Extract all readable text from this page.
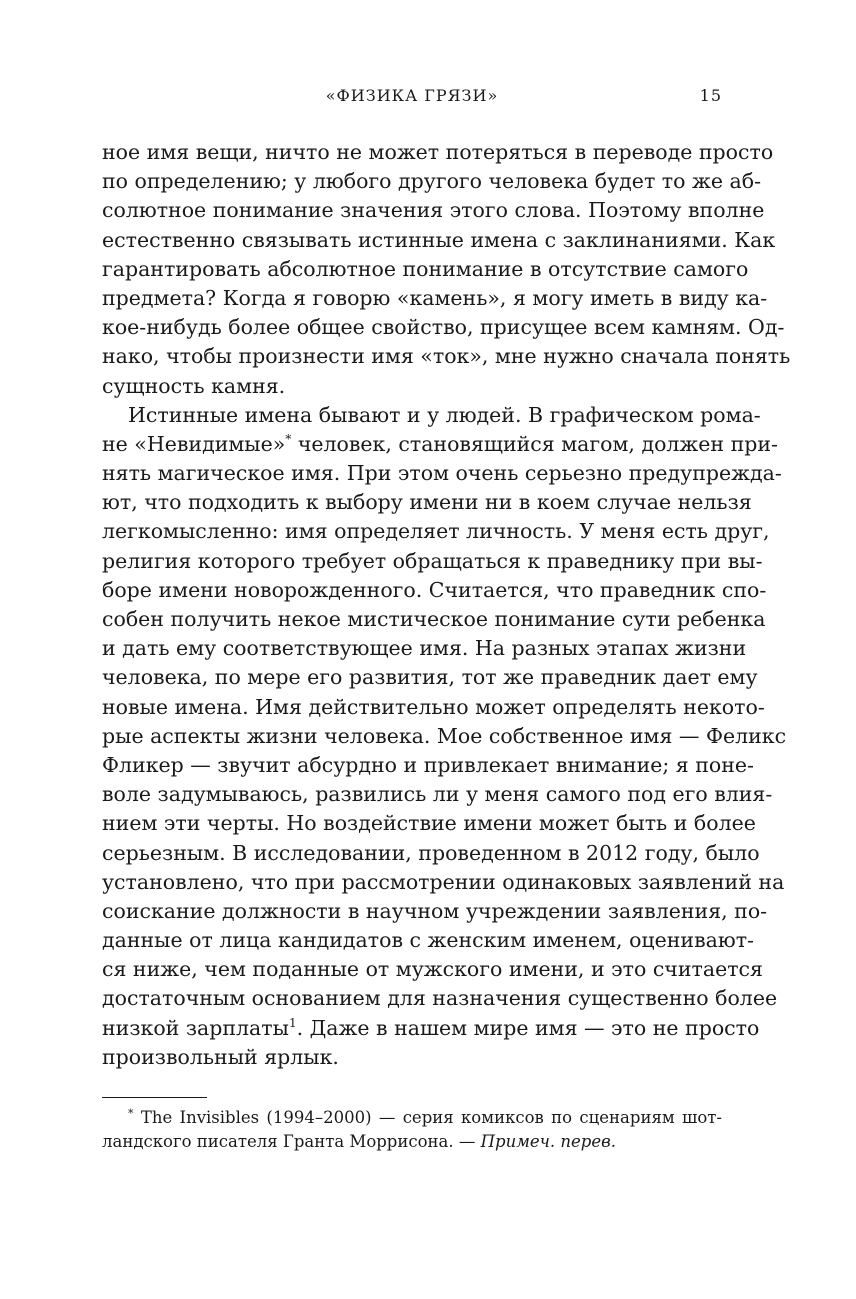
«ФИЗИКА ГРЯЗИ»	15
ное имя вещи, ничто не может потеряться в переводе просто
по определению; у любого другого человека будет то же аб-
солютное понимание значения этого слова. Поэтому вполне
естественно связывать истинные имена с заклинаниями. Как
гарантировать абсолютное понимание в отсутствие самого
предмета? Когда я говорю «камень», я могу иметь в виду ка-
кое-нибудь более общее свойство, присущее всем камням. Од-
нако, чтобы произнести имя «ток», мне нужно сначала понять
сущность камня.
Истинные имена бывают и у людей. В графическом рома-
не «Невидимые»* человек, становящийся магом, должен при-
нять магическое имя. При этом очень серьезно предупрежда-
ют, что подходить к выбору имени ни в коем случае нельзя
легкомысленно: имя определяет личность. У меня есть друг,
религия которого требует обращаться к праведнику при вы-
боре имени новорожденного. Считается, что праведник спо-
собен получить некое мистическое понимание сути ребенка
и дать ему соответствующее имя. На разных этапах жизни
человека, по мере его развития, тот же праведник дает ему
новые имена. Имя действительно может определять некото-
рые аспекты жизни человека. Мое собственное имя — Феликс
Фликер — звучит абсурдно и привлекает внимание; я поне-
воле задумываюсь, развились ли у меня самого под его влия-
нием эти черты. Но воздействие имени может быть и более
серьезным. В исследовании, проведенном в 2012 году, было
установлено, что при рассмотрении одинаковых заявлений на
соискание должности в научном учреждении заявления, по-
данные от лица кандидатов с женским именем, оценивают-
ся ниже, чем поданные от мужского имени, и это считается
достаточным основанием для назначения существенно более
низкой зарплаты$^1$. Даже в нашем мире имя — это не просто
произвольный ярлык.
* The Invisibles (1994–2000) — серия комиксов по сценариям шот-
ландского писателя Гранта Моррисона. — Примеч. перев.
